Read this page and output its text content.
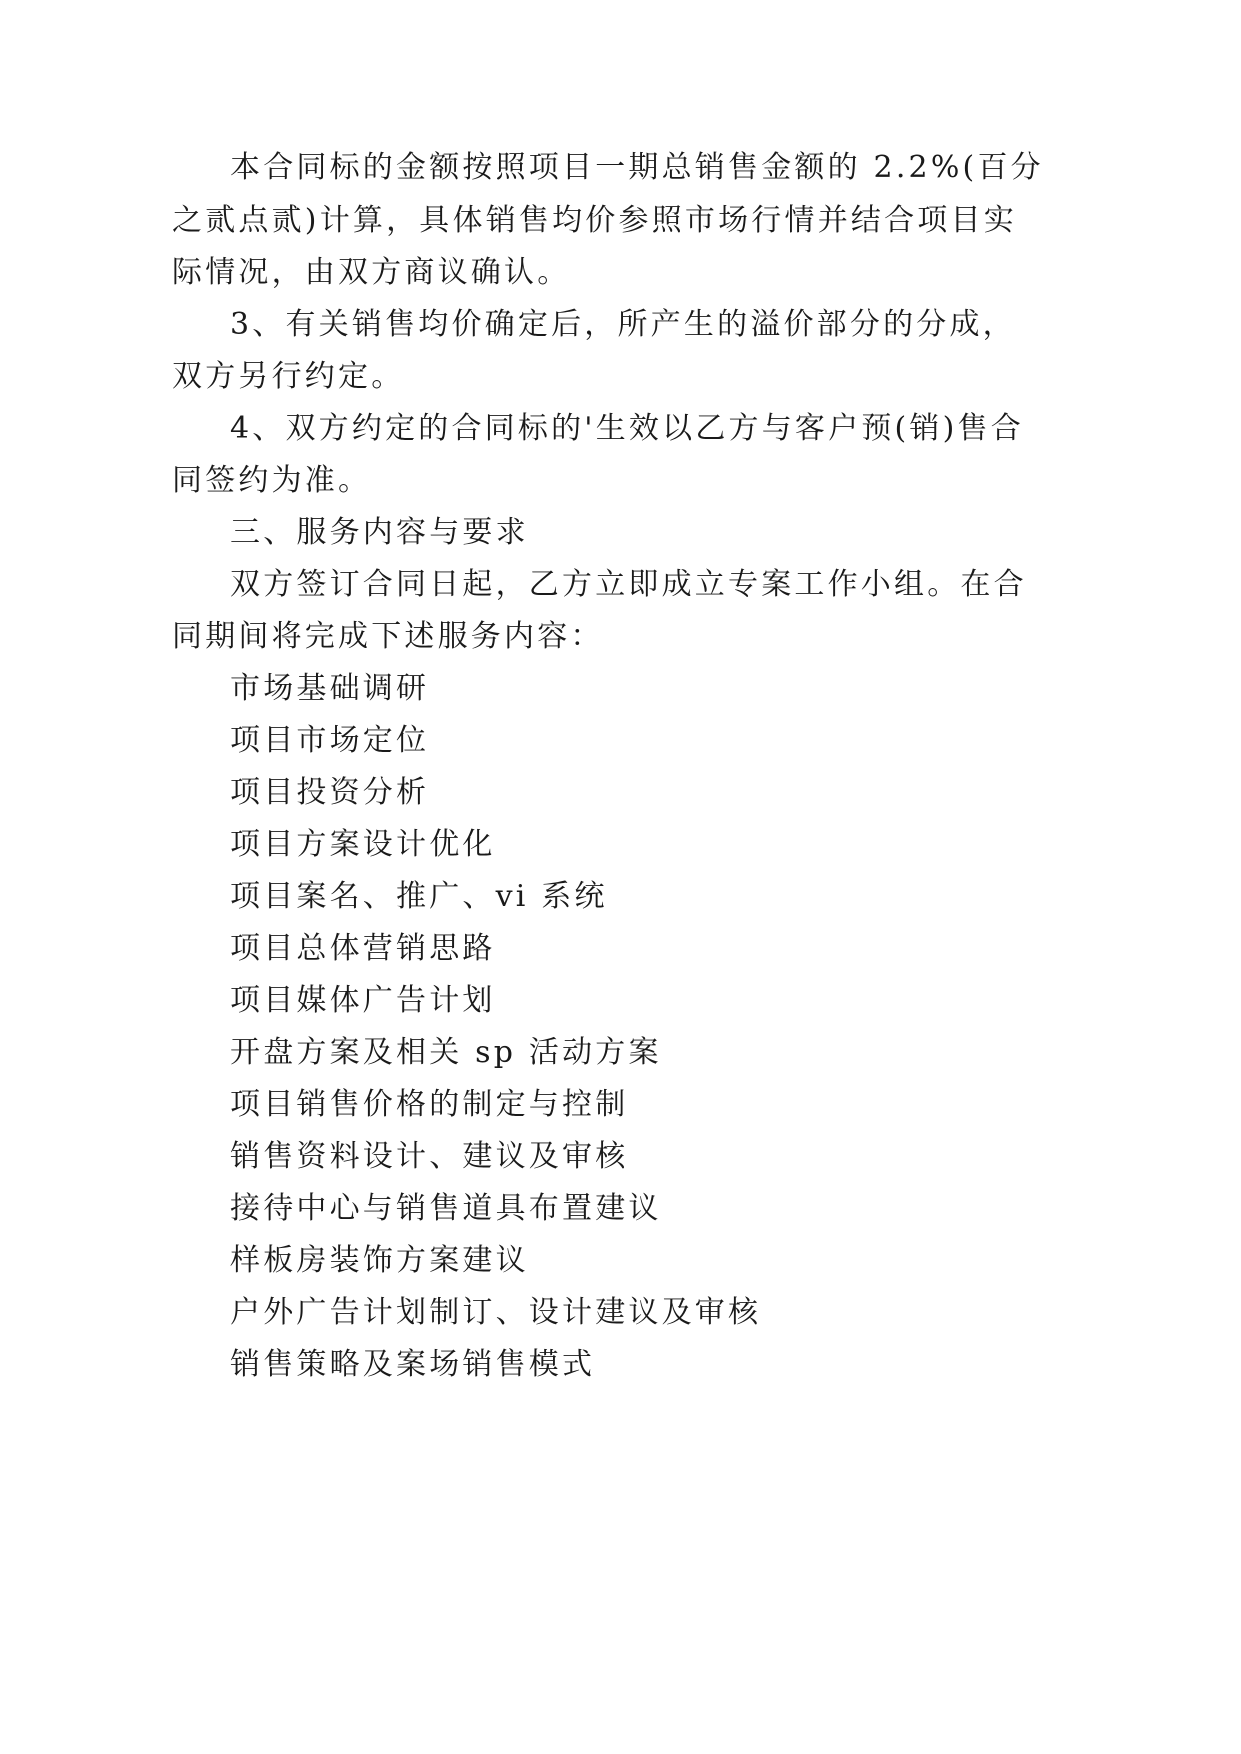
本合同标的金额按照项目一期总销售金额的 2.2%(百分
之贰点贰)计算，具体销售均价参照市场行情并结合项目实
际情况，由双方商议确认。
3、有关销售均价确定后，所产生的溢价部分的分成，
双方另行约定。
4、双方约定的合同标的'生效以乙方与客户预(销)售合
同签约为准。
三、服务内容与要求
双方签订合同日起，乙方立即成立专案工作小组。在合
同期间将完成下述服务内容：
市场基础调研
项目市场定位
项目投资分析
项目方案设计优化
项目案名、推广、vi 系统
项目总体营销思路
项目媒体广告计划
开盘方案及相关 sp 活动方案
项目销售价格的制定与控制
销售资料设计、建议及审核
接待中心与销售道具布置建议
样板房装饰方案建议
户外广告计划制订、设计建议及审核
销售策略及案场销售模式
